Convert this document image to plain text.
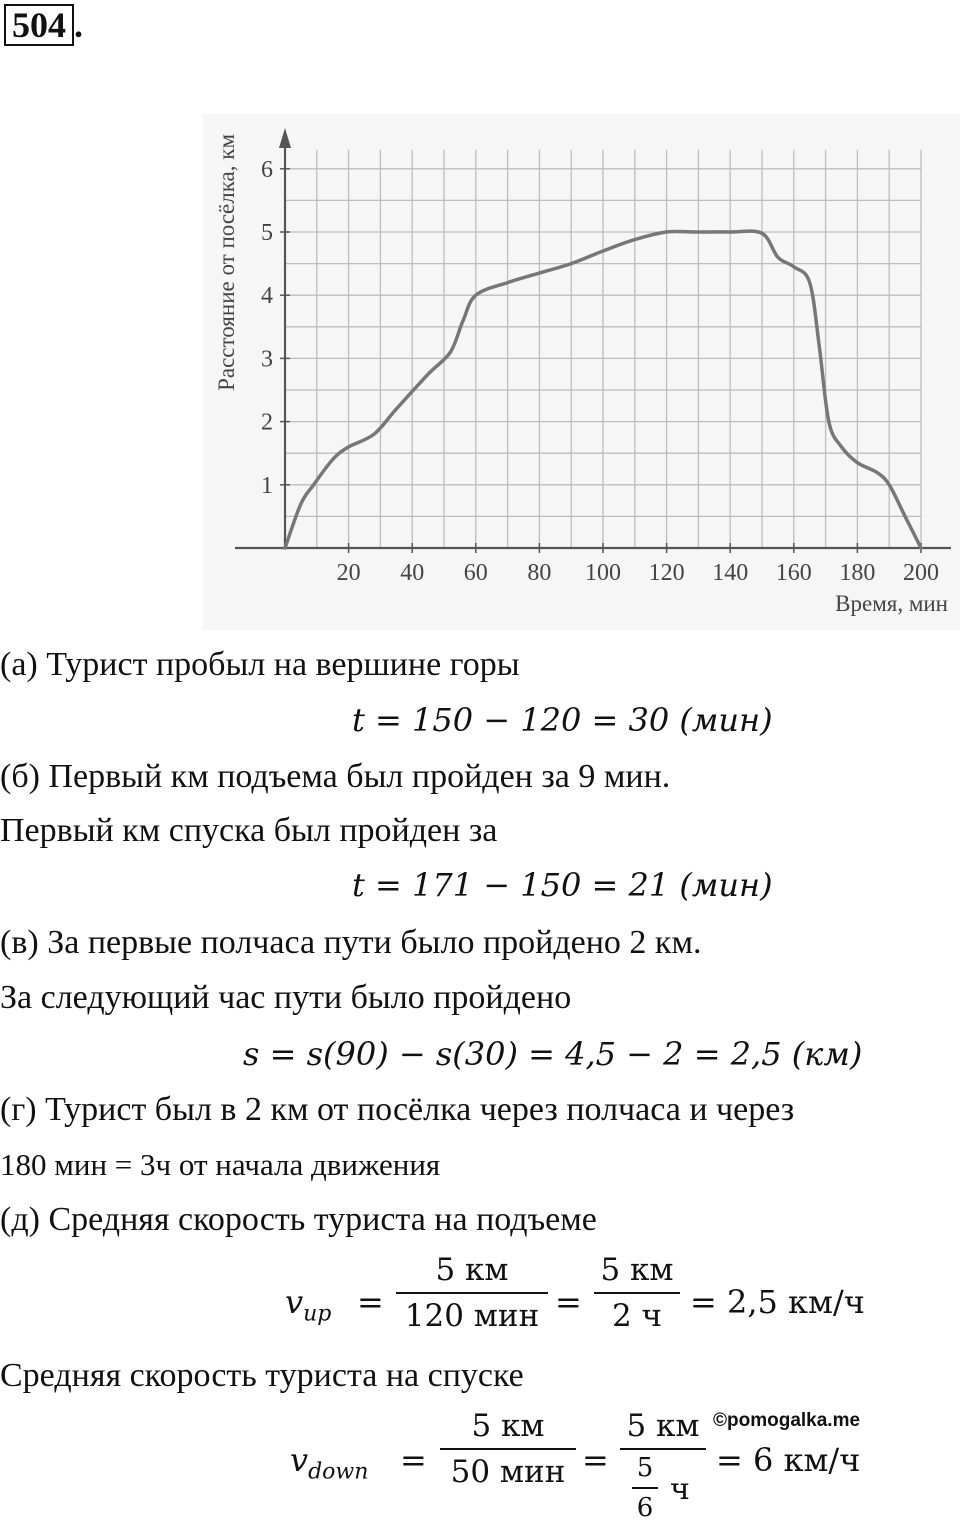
504 .
20 40 60 80 100 120 140 160 180 200
1
2
3
4
5
6
Время, мин
Расстояние от посёлка, км
(а) Турист пробыл на вершине горы
t = 150 − 120 = 30 (мин)
(б) Первый км подъема был пройден за 9 мин.
Первый км спуска был пройден за
t = 171 − 150 = 21 (мин)
(в) За первые полчаса пути было пройдено 2 км.
За следующий час пути было пройдено
s = s(90) − s(30) = 4,5 − 2 = 2,5 (км)
(г) Турист был в 2 км от посёлка через полчаса и через
180 мин = 3ч от начала движения
(д) Средняя скорость туриста на подъеме
$v_{up}$ =
5 км
120 мин =
5 км
2 ч = 2,5 км/ч
Средняя скорость туриста на спуске
$v_{down}$ =
5 км
50 мин =
5 км
5
6
ч
= 6 км/ч
©pomogalka.me
